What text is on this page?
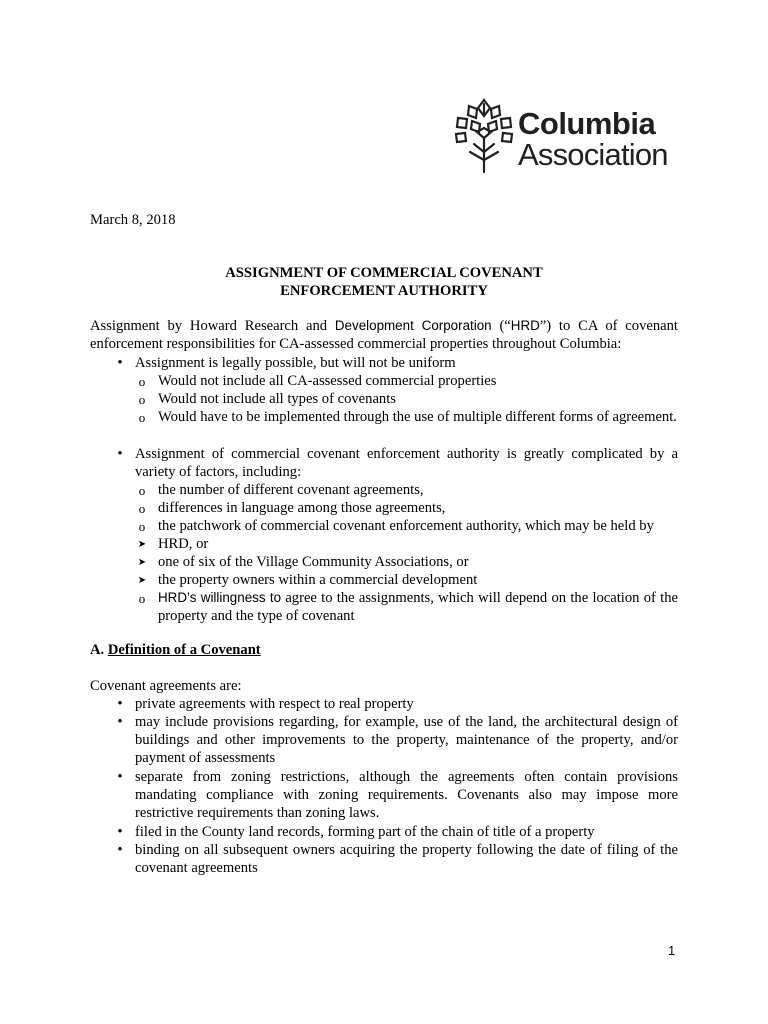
Columbia
Association
March 8, 2018
ASSIGNMENT OF COMMERCIAL COVENANT
ENFORCEMENT AUTHORITY
Assignment by Howard Research and Development Corporation (“HRD”) to CA of covenant
enforcement responsibilities for CA-assessed commercial properties throughout Columbia:
• Assignment is legally possible, but will not be uniform
o Would not include all CA-assessed commercial properties
o Would not include all types of covenants
o Would have to be implemented through the use of multiple different forms of agreement.
• Assignment of commercial covenant enforcement authority is greatly complicated by a variety of factors, including:
o the number of different covenant agreements,
o differences in language among those agreements,
o the patchwork of commercial covenant enforcement authority, which may be held by
➤ HRD, or
➤ one of six of the Village Community Associations, or
➤ the property owners within a commercial development
o HRD’s willingness to agree to the assignments, which will depend on the location of the property and the type of covenant
A. Definition of a Covenant
Covenant agreements are:
• private agreements with respect to real property
• may include provisions regarding, for example, use of the land, the architectural design of buildings and other improvements to the property, maintenance of the property, and/or payment of assessments
• separate from zoning restrictions, although the agreements often contain provisions mandating compliance with zoning requirements. Covenants also may impose more restrictive requirements than zoning laws.
• filed in the County land records, forming part of the chain of title of a property
• binding on all subsequent owners acquiring the property following the date of filing of the covenant agreements
1
